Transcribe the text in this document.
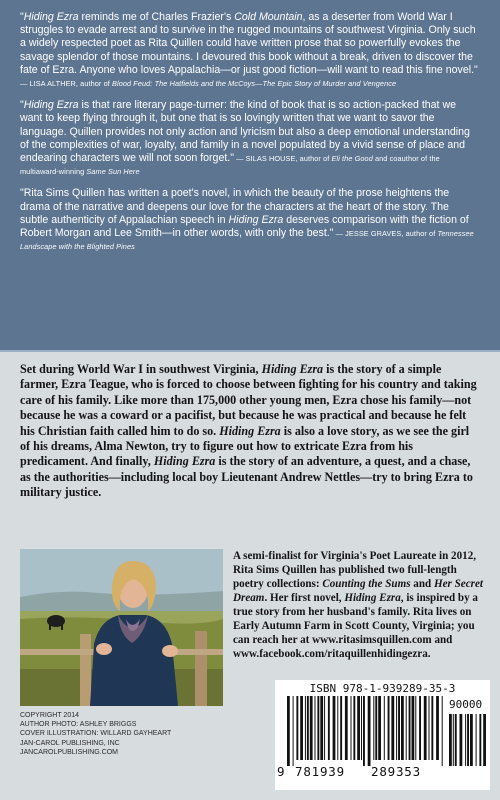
"Hiding Ezra reminds me of Charles Frazier's Cold Mountain, as a deserter from World War I struggles to evade arrest and to survive in the rugged mountains of southwest Virginia. Only such a widely respected poet as Rita Quillen could have written prose that so powerfully evokes the savage splendor of those mountains. I devoured this book without a break, driven to discover the fate of Ezra. Anyone who loves Appalachia—or just good fiction—will want to read this fine novel."

— LISA ALTHER, author of Blood Feud: The Hatfields and the McCoys—The Epic Story of Murder and Vengence

"Hiding Ezra is that rare literary page-turner: the kind of book that is so action-packed that we want to keep flying through it, but one that is so lovingly written that we want to savor the language. Quillen provides not only action and lyricism but also a deep emotional understanding of the complexities of war, loyalty, and family in a novel populated by a vivid sense of place and endearing characters we will not soon forget." — SILAS HOUSE, author of Eli the Good and coauthor of the multiaward-winning Same Sun Here

"Rita Sims Quillen has written a poet's novel, in which the beauty of the prose heightens the drama of the narrative and deepens our love for the characters at the heart of the story. The subtle authenticity of Appalachian speech in Hiding Ezra deserves comparison with the fiction of Robert Morgan and Lee Smith—in other words, with only the best." — JESSE GRAVES, author of Tennessee Landscape with the Blighted Pines

Set during World War I in southwest Virginia, Hiding Ezra is the story of a simple farmer, Ezra Teague, who is forced to choose between fighting for his country and taking care of his family. Like more than 175,000 other young men, Ezra chose his family—not because he was a coward or a pacifist, but because he was practical and because he felt his Christian faith called him to do so. Hiding Ezra is also a love story, as we see the girl of his dreams, Alma Newton, try to figure out how to extricate Ezra from his predicament. And finally, Hiding Ezra is the story of an adventure, a quest, and a chase, as the authorities—including local boy Lieutenant Andrew Nettles—try to bring Ezra to military justice.

A semi-finalist for Virginia's Poet Laureate in 2012, Rita Sims Quillen has published two full-length poetry collections: Counting the Sums and Her Secret Dream. Her first novel, Hiding Ezra, is inspired by a true story from her husband's family. Rita lives on Early Autumn Farm in Scott County, Virginia; you can reach her at www.ritasimsquillen.com and www.facebook.com/ritaquillenhidingezra.

COPYRIGHT 2014
AUTHOR PHOTO: ASHLEY BRIGGS
COVER ILLUSTRATION: WILLARD GAYHEART
JAN-CAROL PUBLISHING, INC
JANCAROLPUBLISHING.COM
ISBN 978-1-939289-35-3
90000
9 781939 289353
